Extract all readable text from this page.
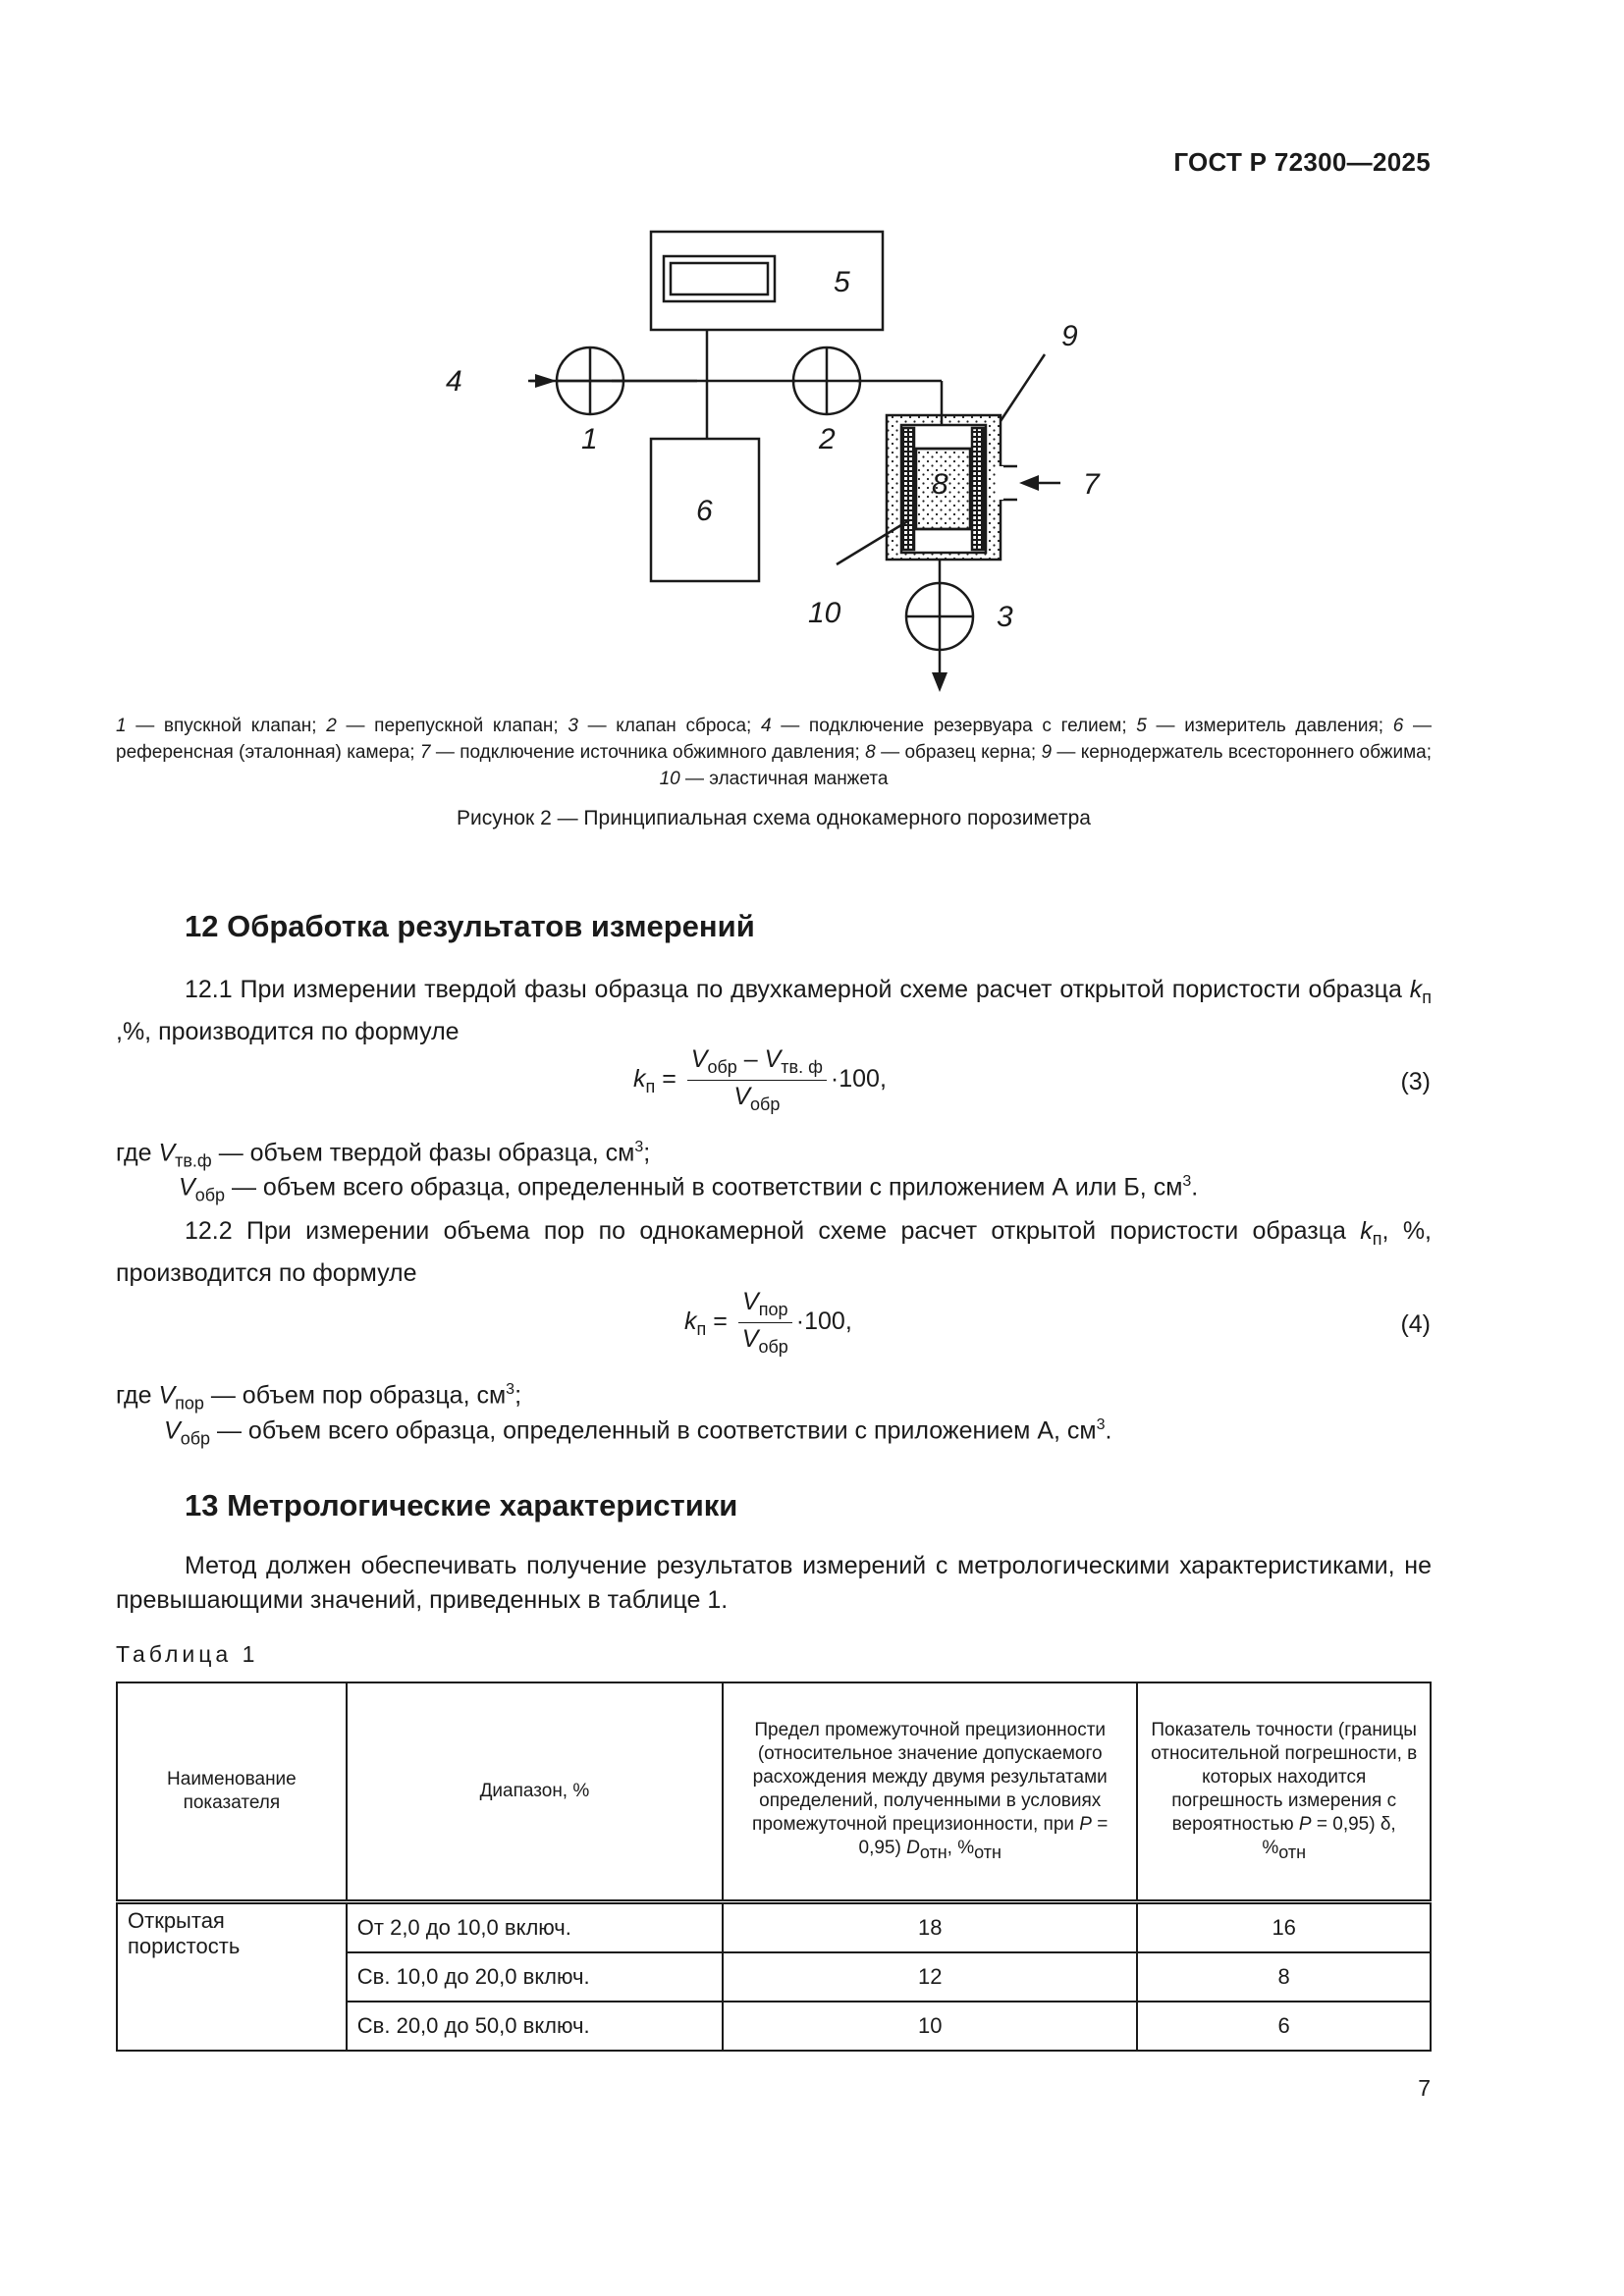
ГОСТ Р 72300—2025
5
4
1	2
9
7
6
8
10	3
1 — впускной клапан; 2 — перепускной клапан; 3 — клапан сброса; 4 — подключение резервуара с гелием; 5 — измеритель давления; 6 — референсная (эталонная) камера; 7 — подключение источника обжимного давления; 8 — образец керна; 9 — кернодержатель всестороннего обжима; 10 — эластичная манжета
Рисунок 2 — Принципиальная схема однокамерного порозиметра
12 Обработка результатов измерений
12.1 При измерении твердой фазы образца по двухкамерной схеме расчет открытой пористости образца $k_п$ ,%, производится по формуле
$k_п = \frac{V_{обр} - V_{тв. ф}}{V_{обр}} \cdot 100$,	(3)
где $V_{тв.ф}$ — объем твердой фазы образца, $см^3$;
$V_{обр}$ — объем всего образца, определенный в соответствии с приложением А или Б, $см^3$.
12.2 При измерении объема пор по однокамерной схеме расчет открытой пористости образца $k_п$, %, производится по формуле
$k_п = \frac{V_{пор}}{V_{обр}} \cdot 100$,	(4)
где $V_{пор}$ — объем пор образца, $см^3$;
$V_{обр}$ — объем всего образца, определенный в соответствии с приложением А, $см^3$.
13 Метрологические характеристики
Метод должен обеспечивать получение результатов измерений с метрологическими характеристиками, не превышающими значений, приведенных в таблице 1.
Таблица 1
Наименование показателя	Диапазон, %	Предел промежуточной прецизионности (относительное значение допускаемого расхождения между двумя результатами определений, полученными в условиях промежуточной прецизионности, при P = 0,95) $D_{отн}$, $\%_{отн}$	Показатель точности (границы относительной погрешности, в которых находится погрешность измерения с вероятностью P = 0,95) δ, $\%_{отн}$
Открытая пористость	От 2,0 до 10,0 включ.	18	16
	Св. 10,0 до 20,0 включ.	12	8
	Св. 20,0 до 50,0 включ.	10	6
7
